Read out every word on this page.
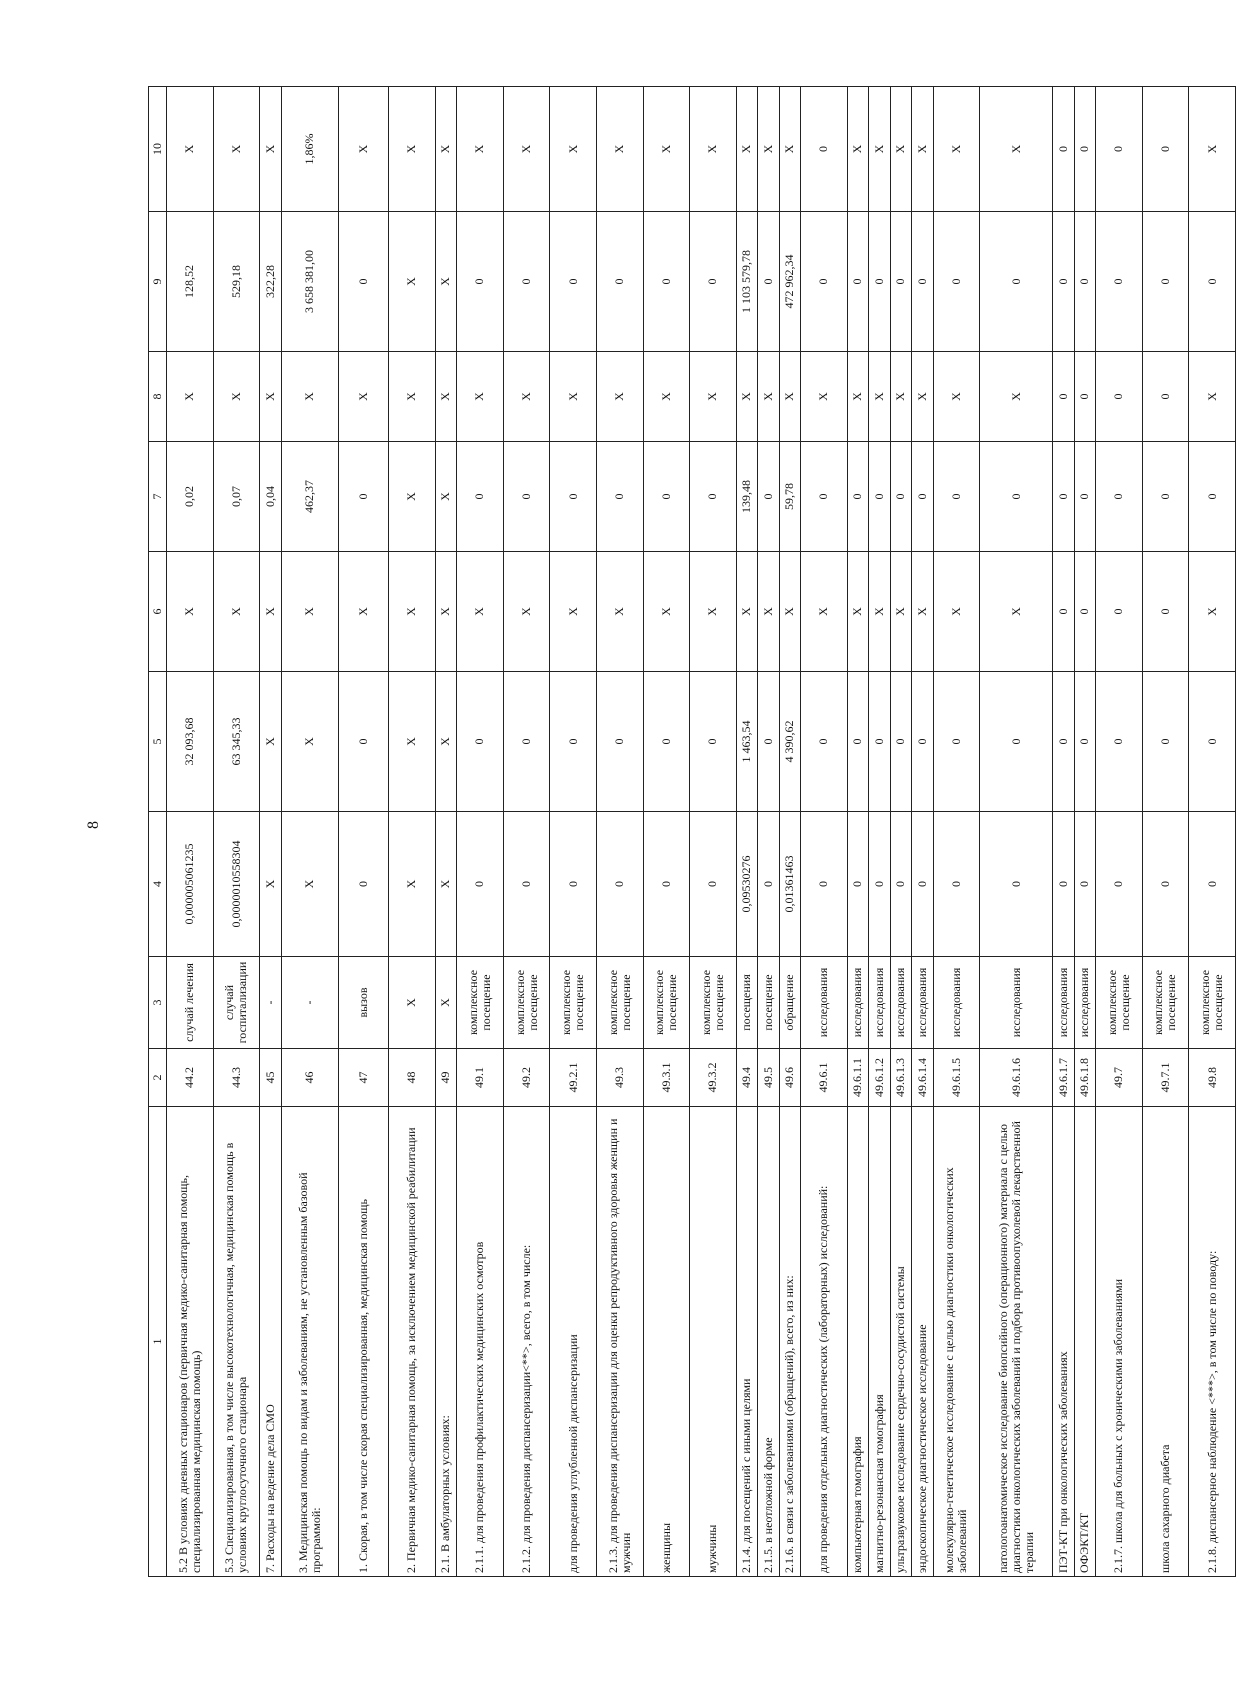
8
1	2	3	4	5	6	7	8	9	10
5.2 В условиях дневных стационаров (первичная медико-санитарная помощь, специализированная медицинская помощь)	44.2	случай лечения	0,000005061235	32 093,68	X	0,02	X	128,52	X
5.3 Специализированная, в том числе высокотехнологичная, медицинская помощь в условиях круглосуточного стационара	44.3	случай госпитализации	0,0000010558304	63 345,33	X	0,07	X	529,18	X
7. Расходы на ведение дела СМО	45	-	X	X	X	0,04	X	322,28	X
3. Медицинская помощь по видам и заболеваниям, не установленным базовой программой:	46	-	X	X	X	462,37	X	3 658 381,00	1,86%
1. Скорая, в том числе скорая специализированная, медицинская помощь	47	вызов	0	0	X	0	X	0	X
2. Первичная медико-санитарная помощь, за исключением медицинской реабилитации	48	X	X	X	X	X	X	X	X
2.1. В амбулаторных условиях:	49	X	X	X	X	X	X	X	X
2.1.1. для проведения профилактических медицинских осмотров	49.1	комплексное посещение	0	0	X	0	X	0	X
2.1.2. для проведения диспансеризации<**>, всего, в том числе:	49.2	комплексное посещение	0	0	X	0	X	0	X
для проведения углубленной диспансеризации	49.2.1	комплексное посещение	0	0	X	0	X	0	X
2.1.3. для проведения диспансеризации для оценки репродуктивного здоровья женщин и мужчин	49.3	комплексное посещение	0	0	X	0	X	0	X
женщины	49.3.1	комплексное посещение	0	0	X	0	X	0	X
мужчины	49.3.2	комплексное посещение	0	0	X	0	X	0	X
2.1.4. для посещений с иными целями	49.4	посещения	0,09530276	1 463,54	X	139,48	X	1 103 579,78	X
2.1.5. в неотложной форме	49.5	посещение	0	0	X	0	X	0	X
2.1.6. в связи с заболеваниями (обращений), всего, из них:	49.6	обращение	0,01361463	4 390,62	X	59,78	X	472 962,34	X
для проведения отдельных диагностических (лабораторных) исследований:	49.6.1	исследования	0	0	X	0	X	0	0
компьютерная томография	49.6.1.1	исследования	0	0	X	0	X	0	X
магнитно-резонансная томография	49.6.1.2	исследования	0	0	X	0	X	0	X
ультразвуковое исследование сердечно-сосудистой системы	49.6.1.3	исследования	0	0	X	0	X	0	X
эндоскопическое диагностическое исследование	49.6.1.4	исследования	0	0	X	0	X	0	X
молекулярно-генетическое исследование с целью диагностики онкологических заболеваний	49.6.1.5	исследования	0	0	X	0	X	0	X
патологоанатомическое исследование биопсийного (операционного) материала с целью диагностики онкологических заболеваний и подбора противоопухолевой лекарственной терапии	49.6.1.6	исследования	0	0	X	0	X	0	X
ПЭТ-КТ при онкологических заболеваниях	49.6.1.7	исследования	0	0	0	0	0	0	0
ОФЭКТ/КТ	49.6.1.8	исследования	0	0	0	0	0	0	0
2.1.7. школа для больных с хроническими заболеваниями	49.7	комплексное посещение	0	0	0	0	0	0	0
школа сахарного диабета	49.7.1	комплексное посещение	0	0	0	0	0	0	0
2.1.8. диспансерное наблюдение <***>, в том числе по поводу:	49.8	комплексное посещение	0	0	X	0	X	0	X
